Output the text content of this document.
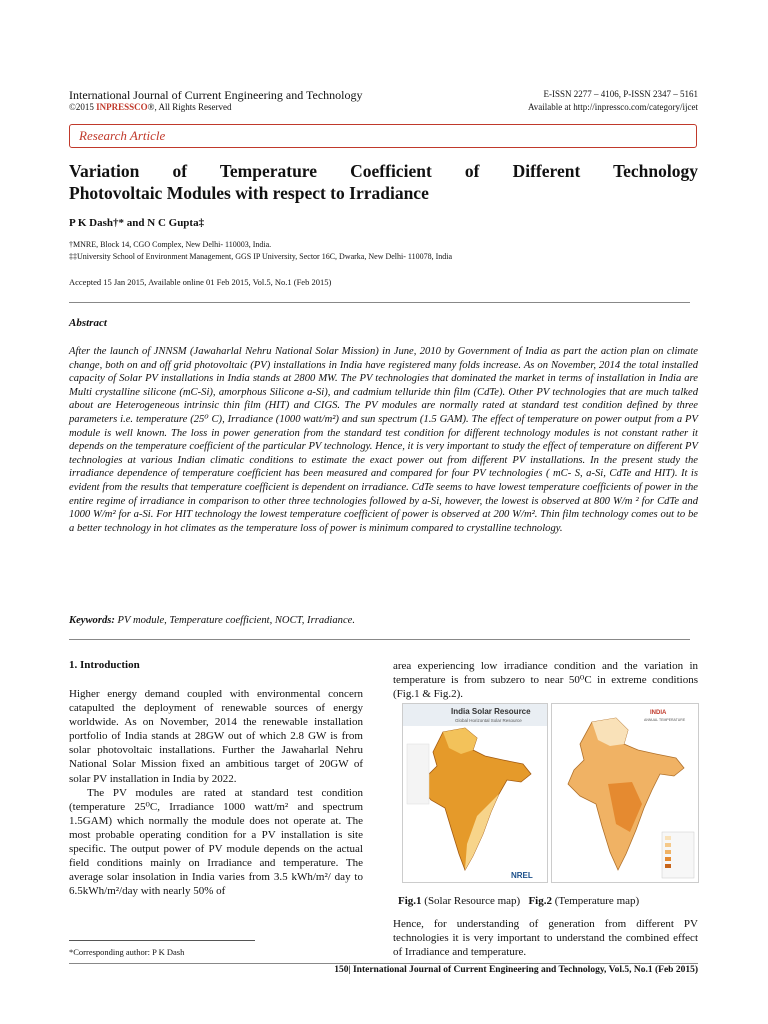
International Journal of Current Engineering and Technology
©2015 INPRESSCO®, All Rights Reserved
E-ISSN 2277 – 4106, P-ISSN 2347 – 5161
Available at http://inpressco.com/category/ijcet
Research Article
Variation of Temperature Coefficient of Different Technology
Photovoltaic Modules with respect to Irradiance
P K Dash†* and N C Gupta‡
†MNRE, Block 14, CGO Complex, New Delhi- 110003, India.
‡‡University School of Environment Management, GGS IP University, Sector 16C, Dwarka, New Delhi- 110078, India
Accepted 15 Jan 2015, Available online 01 Feb 2015, Vol.5, No.1 (Feb 2015)
Abstract

After the launch of JNNSM (Jawaharlal Nehru National Solar Mission) in June, 2010 by Government of India as part the action plan on climate change, both on and off grid photovoltaic (PV) installations in India have registered many folds increase. As on November, 2014 the total installed capacity of Solar PV installations in India stands at 2800 MW. The PV technologies that dominated the market in terms of installation in India are Multi crystalline silicone (mC-Si), amorphous Silicone a-Si), and cadmium telluride thin film (CdTe). Other PV technologies that are much talked about are Heterogeneous intrinsic thin film (HIT) and CIGS. The PV modules are normally rated at standard test condition defined by three parameters i.e. temperature (25⁰ C), Irradiance (1000 watt/m²) and sun spectrum (1.5 GAM). The effect of temperature on power output from a PV module is well known. The loss in power generation from the standard test condition for different technology modules is not constant rather it depends on the temperature coefficient of the particular PV technology. Hence, it is very important to study the effect of temperature on different PV technologies at various Indian climatic conditions to estimate the exact power out from different PV installations. In the present study the irradiance dependence of temperature coefficient has been measured and compared for four PV technologies ( mC- S, a-Si, CdTe and HIT). It is evident from the results that temperature coefficient is dependent on irradiance. CdTe seems to have lowest temperature coefficients of power in the entire regime of irradiance in comparison to other three technologies followed by a-Si, however, the lowest is observed at 800 W/m ² for CdTe and 1000 W/m² for a-Si. For HIT technology the lowest temperature coefficient of power is observed at 200 W/m². Thin film technology comes out to be a better technology in hot climates as the temperature loss of power is minimum compared to crystalline technology.

Keywords: PV module, Temperature coefficient, NOCT, Irradiance.
1. Introduction

Higher energy demand coupled with environmental concern catapulted the deployment of renewable sources of energy worldwide. As on November, 2014 the renewable installation portfolio of India stands at 28GW out of which 2.8 GW is from solar photovoltaic installations. Further the Jawaharlal Nehru National Solar Mission fixed an ambitious target of 20GW of solar PV installation in India by 2022.

The PV modules are rated at standard test condition (temperature 25⁰C, Irradiance 1000 watt/m² and spectrum 1.5GAM) which normally the module does not operate at. The most probable operating condition for a PV installation is site specific. The output power of PV module depends on the actual field conditions mainly on Irradiance and temperature. The average solar insolation in India varies from 3.5 kWh/m²/ day to 6.5kWh/m²/day with nearly 50% of

area experiencing low irradiance condition and the variation in temperature is from subzero to near 50⁰C in extreme conditions (Fig.1 & Fig.2).

India Solar Resource
Global Horizontal Solar Resource
NREL
INDIA
ANNUAL TEMPERATURE
Fig.1 (Solar Resource map)   Fig.2 (Temperature map)

Hence, for understanding of generation from different PV technologies it is very important to understand the combined effect of Irradiance and temperature.

*Corresponding author: P K Dash
150| International Journal of Current Engineering and Technology, Vol.5, No.1 (Feb 2015)
